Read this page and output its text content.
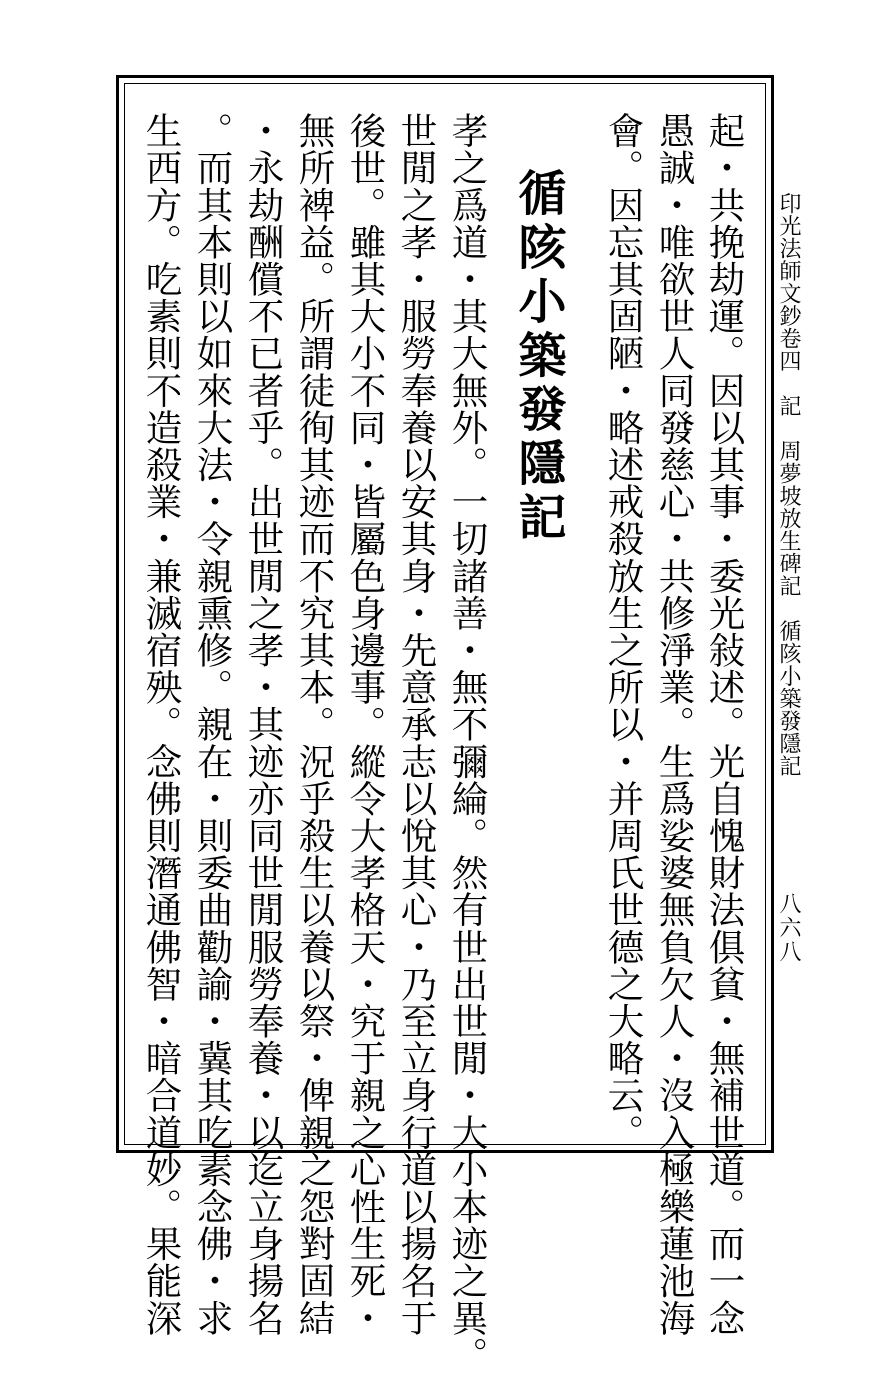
印光法師文鈔卷四　記　周夢坡放生碑記　循陔小築發隱記
八六八
起・共挽劫運。因以其事・委光敍述。光自愧財法俱貧・無補世道。而一念
愚誠・唯欲世人同發慈心・共修淨業。生爲娑婆無負欠人・沒入極樂蓮池海
會。因忘其固陋・略述戒殺放生之所以・并周氏世德之大略云。
循陔小築發隱記
孝之爲道・其大無外。一切諸善・無不彌綸。然有世出世閒・大小本迹之異。
世閒之孝・服勞奉養以安其身・先意承志以悅其心・乃至立身行道以揚名于
後世。雖其大小不同・皆屬色身邊事。縱令大孝格天・究于親之心性生死・
無所裨益。所謂徒徇其迹而不究其本。況乎殺生以養以祭・俾親之怨對固結
・永劫酬償不已者乎。出世閒之孝・其迹亦同世閒服勞奉養・以迄立身揚名
。而其本則以如來大法・令親熏修。親在・則委曲勸諭・冀其吃素念佛・求
生西方。吃素則不造殺業・兼滅宿殃。念佛則潛通佛智・暗合道妙。果能深
